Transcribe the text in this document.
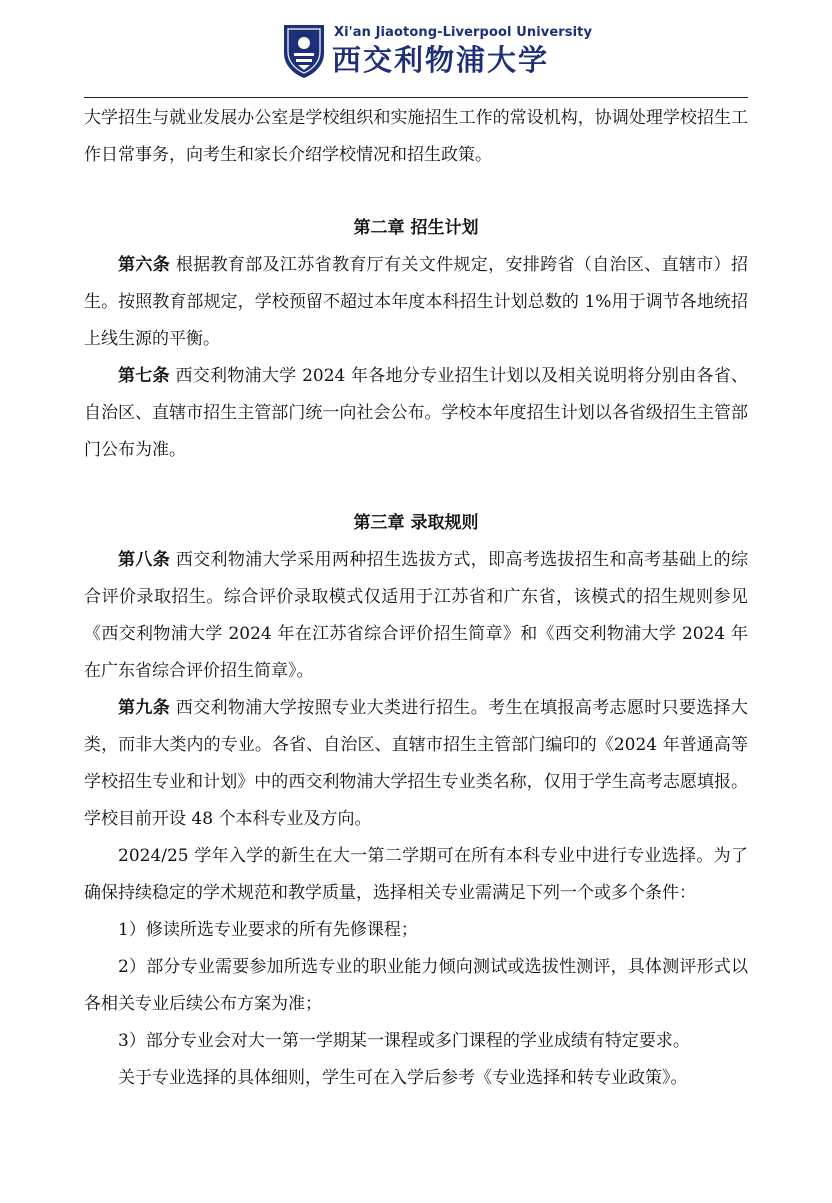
Xi'an Jiaotong-Liverpool University
西交利物浦大学

大学招生与就业发展办公室是学校组织和实施招生工作的常设机构，协调处理学校招生工作日常事务，向考生和家长介绍学校情况和招生政策。

第二章 招生计划

第六条 根据教育部及江苏省教育厅有关文件规定，安排跨省（自治区、直辖市）招生。按照教育部规定，学校预留不超过本年度本科招生计划总数的 1%用于调节各地统招上线生源的平衡。

第七条 西交利物浦大学 2024 年各地分专业招生计划以及相关说明将分别由各省、自治区、直辖市招生主管部门统一向社会公布。学校本年度招生计划以各省级招生主管部门公布为准。

第三章 录取规则

第八条 西交利物浦大学采用两种招生选拔方式，即高考选拔招生和高考基础上的综合评价录取招生。综合评价录取模式仅适用于江苏省和广东省，该模式的招生规则参见《西交利物浦大学 2024 年在江苏省综合评价招生简章》和《西交利物浦大学 2024 年在广东省综合评价招生简章》。

第九条 西交利物浦大学按照专业大类进行招生。考生在填报高考志愿时只要选择大类，而非大类内的专业。各省、自治区、直辖市招生主管部门编印的《2024 年普通高等学校招生专业和计划》中的西交利物浦大学招生专业类名称，仅用于学生高考志愿填报。学校目前开设 48 个本科专业及方向。

2024/25 学年入学的新生在大一第二学期可在所有本科专业中进行专业选择。为了确保持续稳定的学术规范和教学质量，选择相关专业需满足下列一个或多个条件：

1）修读所选专业要求的所有先修课程；

2）部分专业需要参加所选专业的职业能力倾向测试或选拔性测评，具体测评形式以各相关专业后续公布方案为准；

3）部分专业会对大一第一学期某一课程或多门课程的学业成绩有特定要求。

关于专业选择的具体细则，学生可在入学后参考《专业选择和转专业政策》。
